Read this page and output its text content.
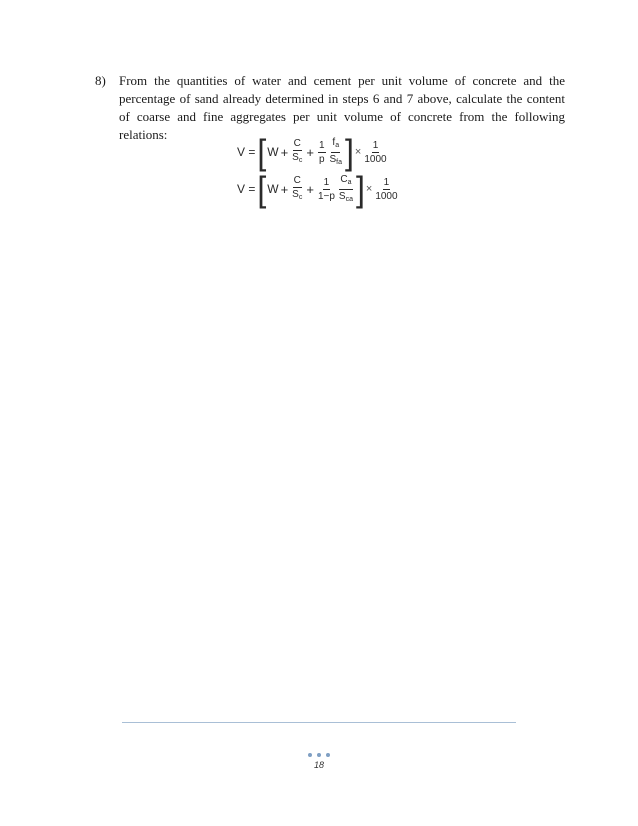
8) From the quantities of water and cement per unit volume of concrete and the percentage of sand already determined in steps 6 and 7 above, calculate the content of coarse and fine aggregates per unit volume of concrete from the following relations:
V = [ $W + \frac{C}{S_c} + \frac{1}{p} \frac{f_a}{S_{fa}}$ ] × $\frac{1}{1000}$
V = [ $W + \frac{C}{S_c} + \frac{1}{1-p} \frac{C_a}{S_{ca}}$ ] × $\frac{1}{1000}$
18
